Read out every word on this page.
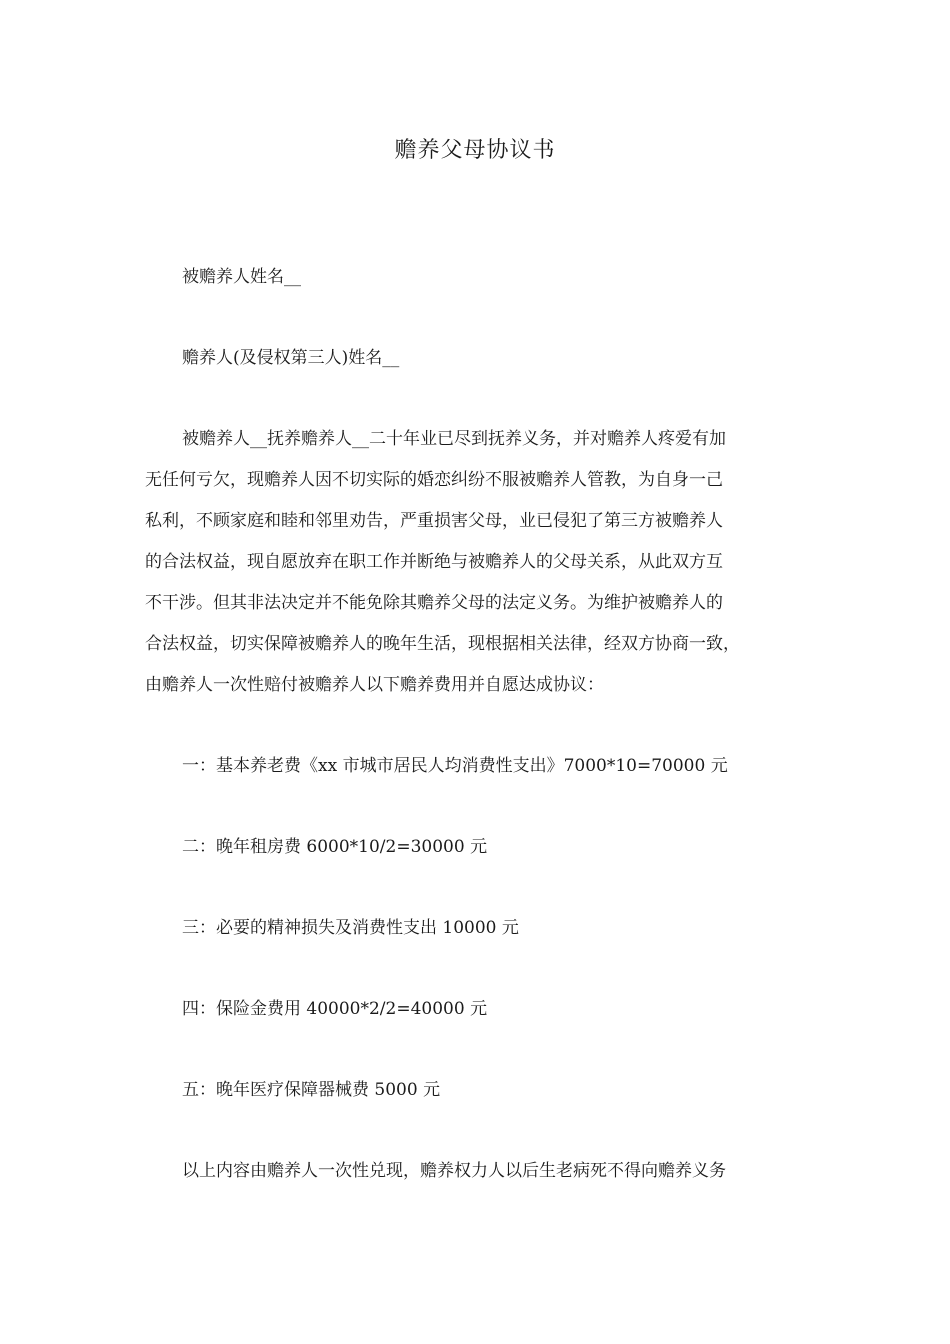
赡养父母协议书
被赡养人姓名__
赡养人(及侵权第三人)姓名__
被赡养人__抚养赡养人__二十年业已尽到抚养义务，并对赡养人疼爱有加
无任何亏欠，现赡养人因不切实际的婚恋纠纷不服被赡养人管教，为自身一己
私利，不顾家庭和睦和邻里劝告，严重损害父母，业已侵犯了第三方被赡养人
的合法权益，现自愿放弃在职工作并断绝与被赡养人的父母关系，从此双方互
不干涉。但其非法决定并不能免除其赡养父母的法定义务。为维护被赡养人的
合法权益，切实保障被赡养人的晚年生活，现根据相关法律，经双方协商一致，
由赡养人一次性赔付被赡养人以下赡养费用并自愿达成协议：
一：基本养老费《xx 市城市居民人均消费性支出》7000*10=70000 元
二：晚年租房费 6000*10/2=30000 元
三：必要的精神损失及消费性支出 10000 元
四：保险金费用 40000*2/2=40000 元
五：晚年医疗保障器械费 5000 元
以上内容由赡养人一次性兑现，赡养权力人以后生老病死不得向赡养义务
